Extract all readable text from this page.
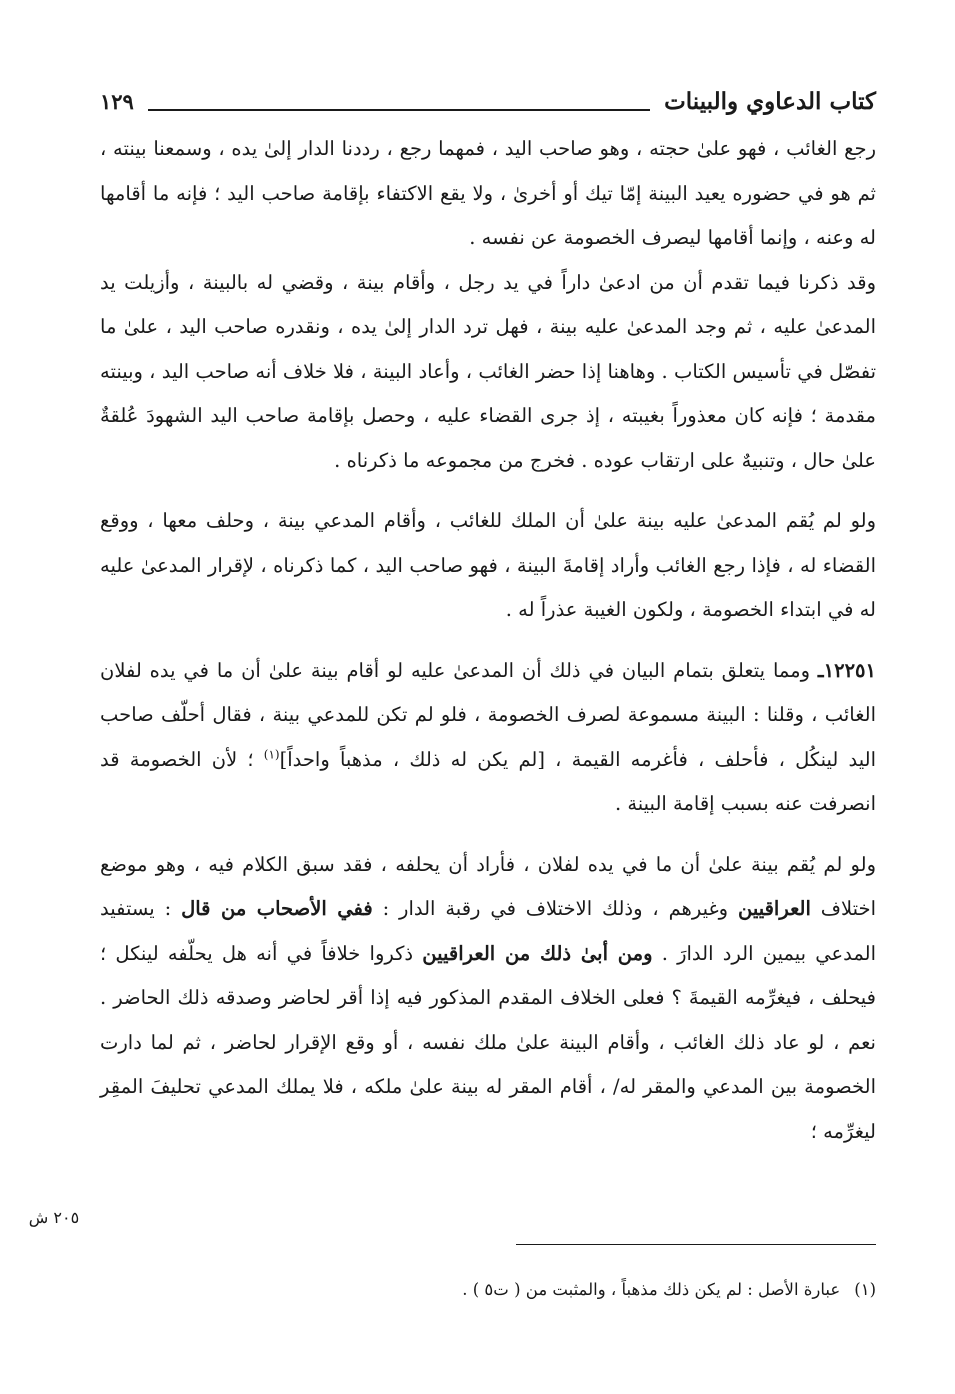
كتاب الدعاوي والبينات
١٢٩

رجع الغائب ، فهو علىٰ حجته ، وهو صاحب اليد ، فمهما رجع ، رددنا الدار إلىٰ يده ، وسمعنا بينته ، ثم هو في حضوره يعيد البينة إمّا تيك أو أخرىٰ ، ولا يقع الاكتفاء بإقامة صاحب اليد ؛ فإنه ما أقامها له وعنه ، وإنما أقامها ليصرف الخصومة عن نفسه .

وقد ذكرنا فيما تقدم أن من ادعىٰ داراً في يد رجل ، وأقام بينة ، وقضي له بالبينة ، وأزيلت يد المدعىٰ عليه ، ثم وجد المدعىٰ عليه بينة ، فهل ترد الدار إلىٰ يده ، ونقدره صاحب اليد ، علىٰ ما تفصّل في تأسيس الكتاب . وهاهنا إذا حضر الغائب ، وأعاد البينة ، فلا خلاف أنه صاحب اليد ، وبينته مقدمة ؛ فإنه كان معذوراً بغيبته ، إذ جرى القضاء عليه ، وحصل بإقامة صاحب اليد الشهودَ عُلقةٌ علىٰ حال ، وتنبيهٌ على ارتقاب عوده . فخرج من مجموعه ما ذكرناه .

ولو لم يُقم المدعىٰ عليه بينة علىٰ أن الملك للغائب ، وأقام المدعي بينة ، وحلف معها ، ووقع القضاء له ، فإذا رجع الغائب وأراد إقامةَ البينة ، فهو صاحب اليد ، كما ذكرناه ، لإقرار المدعىٰ عليه له في ابتداء الخصومة ، ولكون الغيبة عذراً له .

١٢٢٥١ـ ومما يتعلق بتمام البيان في ذلك أن المدعىٰ عليه لو أقام بينة علىٰ أن ما في يده لفلان الغائب ، وقلنا : البينة مسموعة لصرف الخصومة ، فلو لم تكن للمدعي بينة ، فقال أحلّف صاحب اليد لينكُل ، فأحلف ، فأغرمه القيمة ، [لم يكن له ذلك ، مذهباً واحداً]$^{(١)}$ ؛ لأن الخصومة قد انصرفت عنه بسبب إقامة البينة .

ولو لم يُقم بينة علىٰ أن ما في يده لفلان ، فأراد أن يحلفه ، فقد سبق الكلام فيه ، وهو موضع اختلاف العراقيين وغيرهم ، وذلك الاختلاف في رقبة الدار : ففي الأصحاب من قال : يستفيد المدعي بيمين الرد الدارَ . ومن أبىٰ ذلك من العراقيين ذكروا خلافاً في أنه هل يحلّفه لينكل ؛ فيحلف ، فيغرِّمه القيمةَ ؟ فعلى الخلاف المقدم المذكور فيه إذا أقر لحاضر وصدقه ذلك الحاضر . نعم ، لو عاد ذلك الغائب ، وأقام البينة علىٰ ملك نفسه ، أو وقع الإقرار لحاضر ، ثم لما دارت الخصومة بين المدعي والمقر له/ ، أقام المقر له بينة علىٰ ملكه ، فلا يملك المدعي تحليفَ المقِر ليغرِّمه ؛

٢٠٥ ش
(١)عبارة الأصل : لم يكن ذلك مذهباً ، والمثبت من ( ت٥ ) .
